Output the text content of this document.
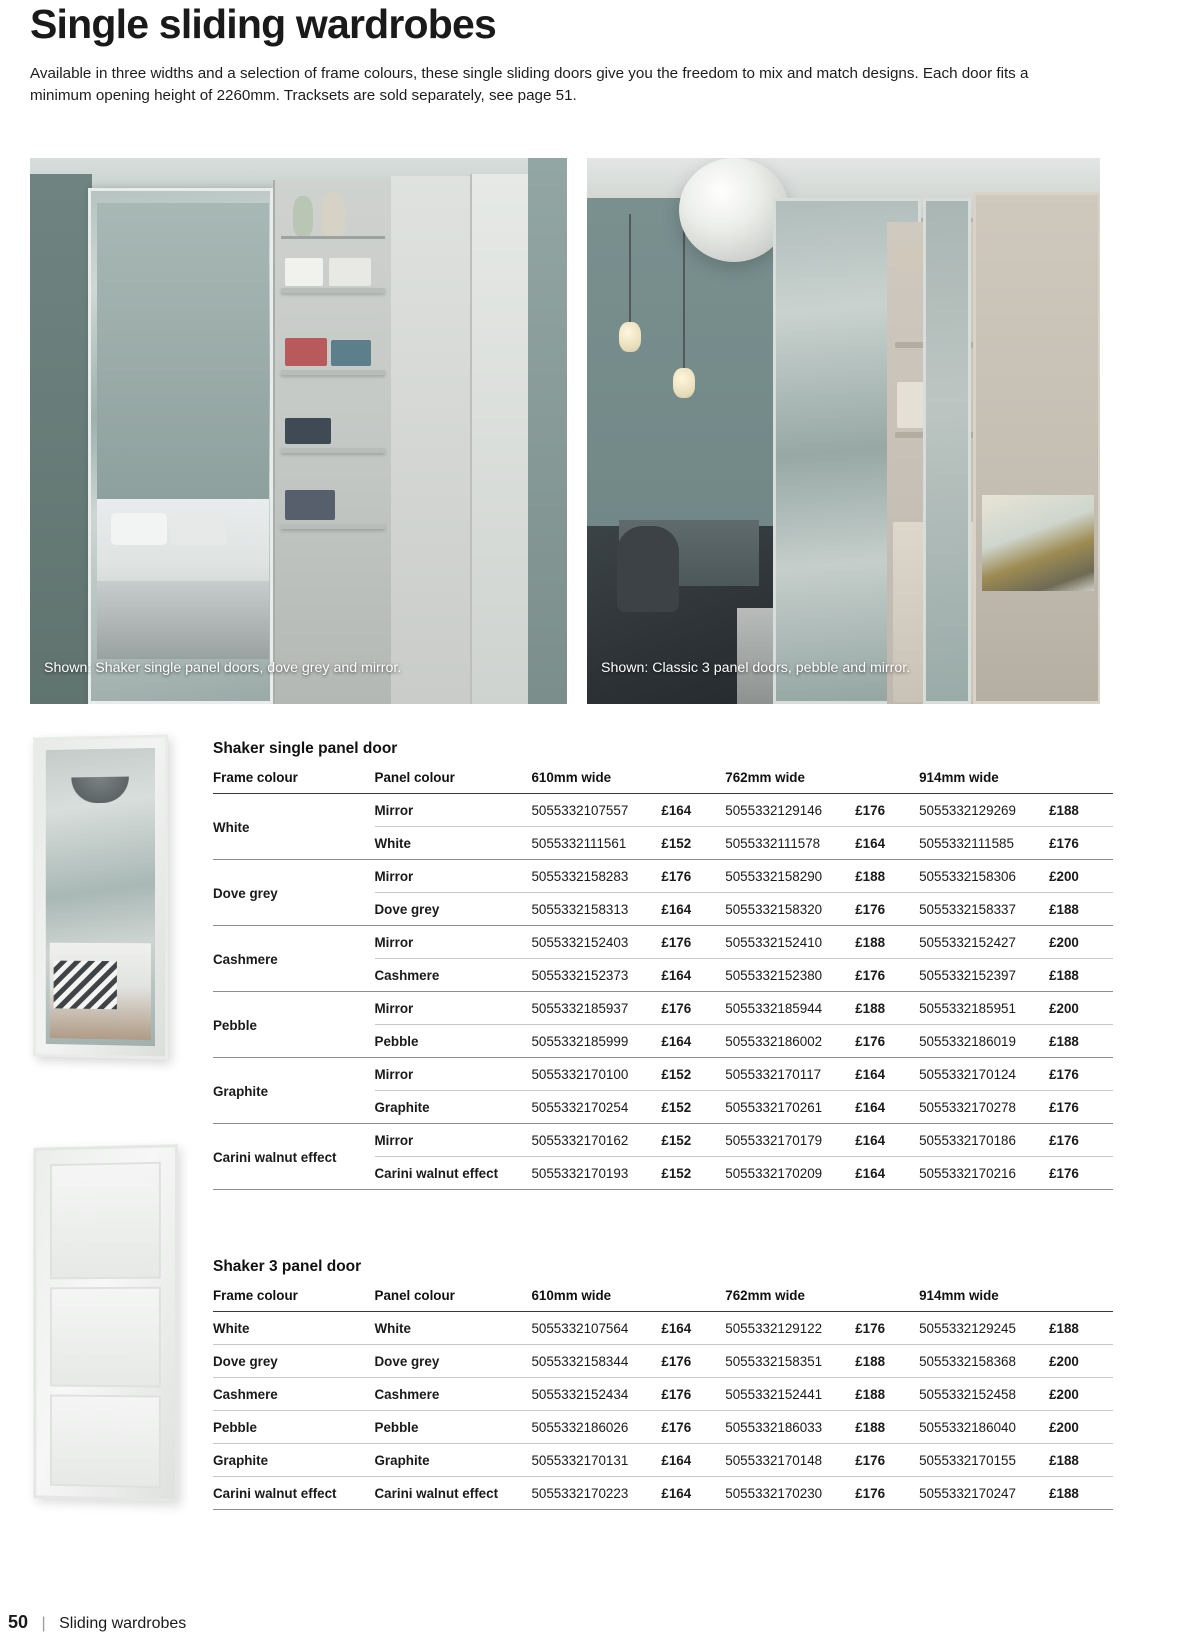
Single sliding wardrobes

Available in three widths and a selection of frame colours, these single sliding doors give you the freedom to mix and match designs. Each door fits a minimum opening height of 2260mm. Tracksets are sold separately, see page 51.

Shown: Shaker single panel doors, dove grey and mirror.	Shown: Classic 3 panel doors, pebble and mirror.
Shaker single panel door
Frame colour	Panel colour	610mm wide		762mm wide		914mm wide	
White	Mirror	5055332107557	£164	5055332129146	£176	5055332129269	£188
	White	5055332111561	£152	5055332111578	£164	5055332111585	£176
Dove grey	Mirror	5055332158283	£176	5055332158290	£188	5055332158306	£200
	Dove grey	5055332158313	£164	5055332158320	£176	5055332158337	£188
Cashmere	Mirror	5055332152403	£176	5055332152410	£188	5055332152427	£200
	Cashmere	5055332152373	£164	5055332152380	£176	5055332152397	£188
Pebble	Mirror	5055332185937	£176	5055332185944	£188	5055332185951	£200
	Pebble	5055332185999	£164	5055332186002	£176	5055332186019	£188
Graphite	Mirror	5055332170100	£152	5055332170117	£164	5055332170124	£176
	Graphite	5055332170254	£152	5055332170261	£164	5055332170278	£176
Carini walnut effect	Mirror	5055332170162	£152	5055332170179	£164	5055332170186	£176
	Carini walnut effect	5055332170193	£152	5055332170209	£164	5055332170216	£176
Shaker 3 panel door
Frame colour	Panel colour	610mm wide		762mm wide		914mm wide	
White	White	5055332107564	£164	5055332129122	£176	5055332129245	£188
Dove grey	Dove grey	5055332158344	£176	5055332158351	£188	5055332158368	£200
Cashmere	Cashmere	5055332152434	£176	5055332152441	£188	5055332152458	£200
Pebble	Pebble	5055332186026	£176	5055332186033	£188	5055332186040	£200
Graphite	Graphite	5055332170131	£164	5055332170148	£176	5055332170155	£188
Carini walnut effect	Carini walnut effect	5055332170223	£164	5055332170230	£176	5055332170247	£188
50 | Sliding wardrobes
